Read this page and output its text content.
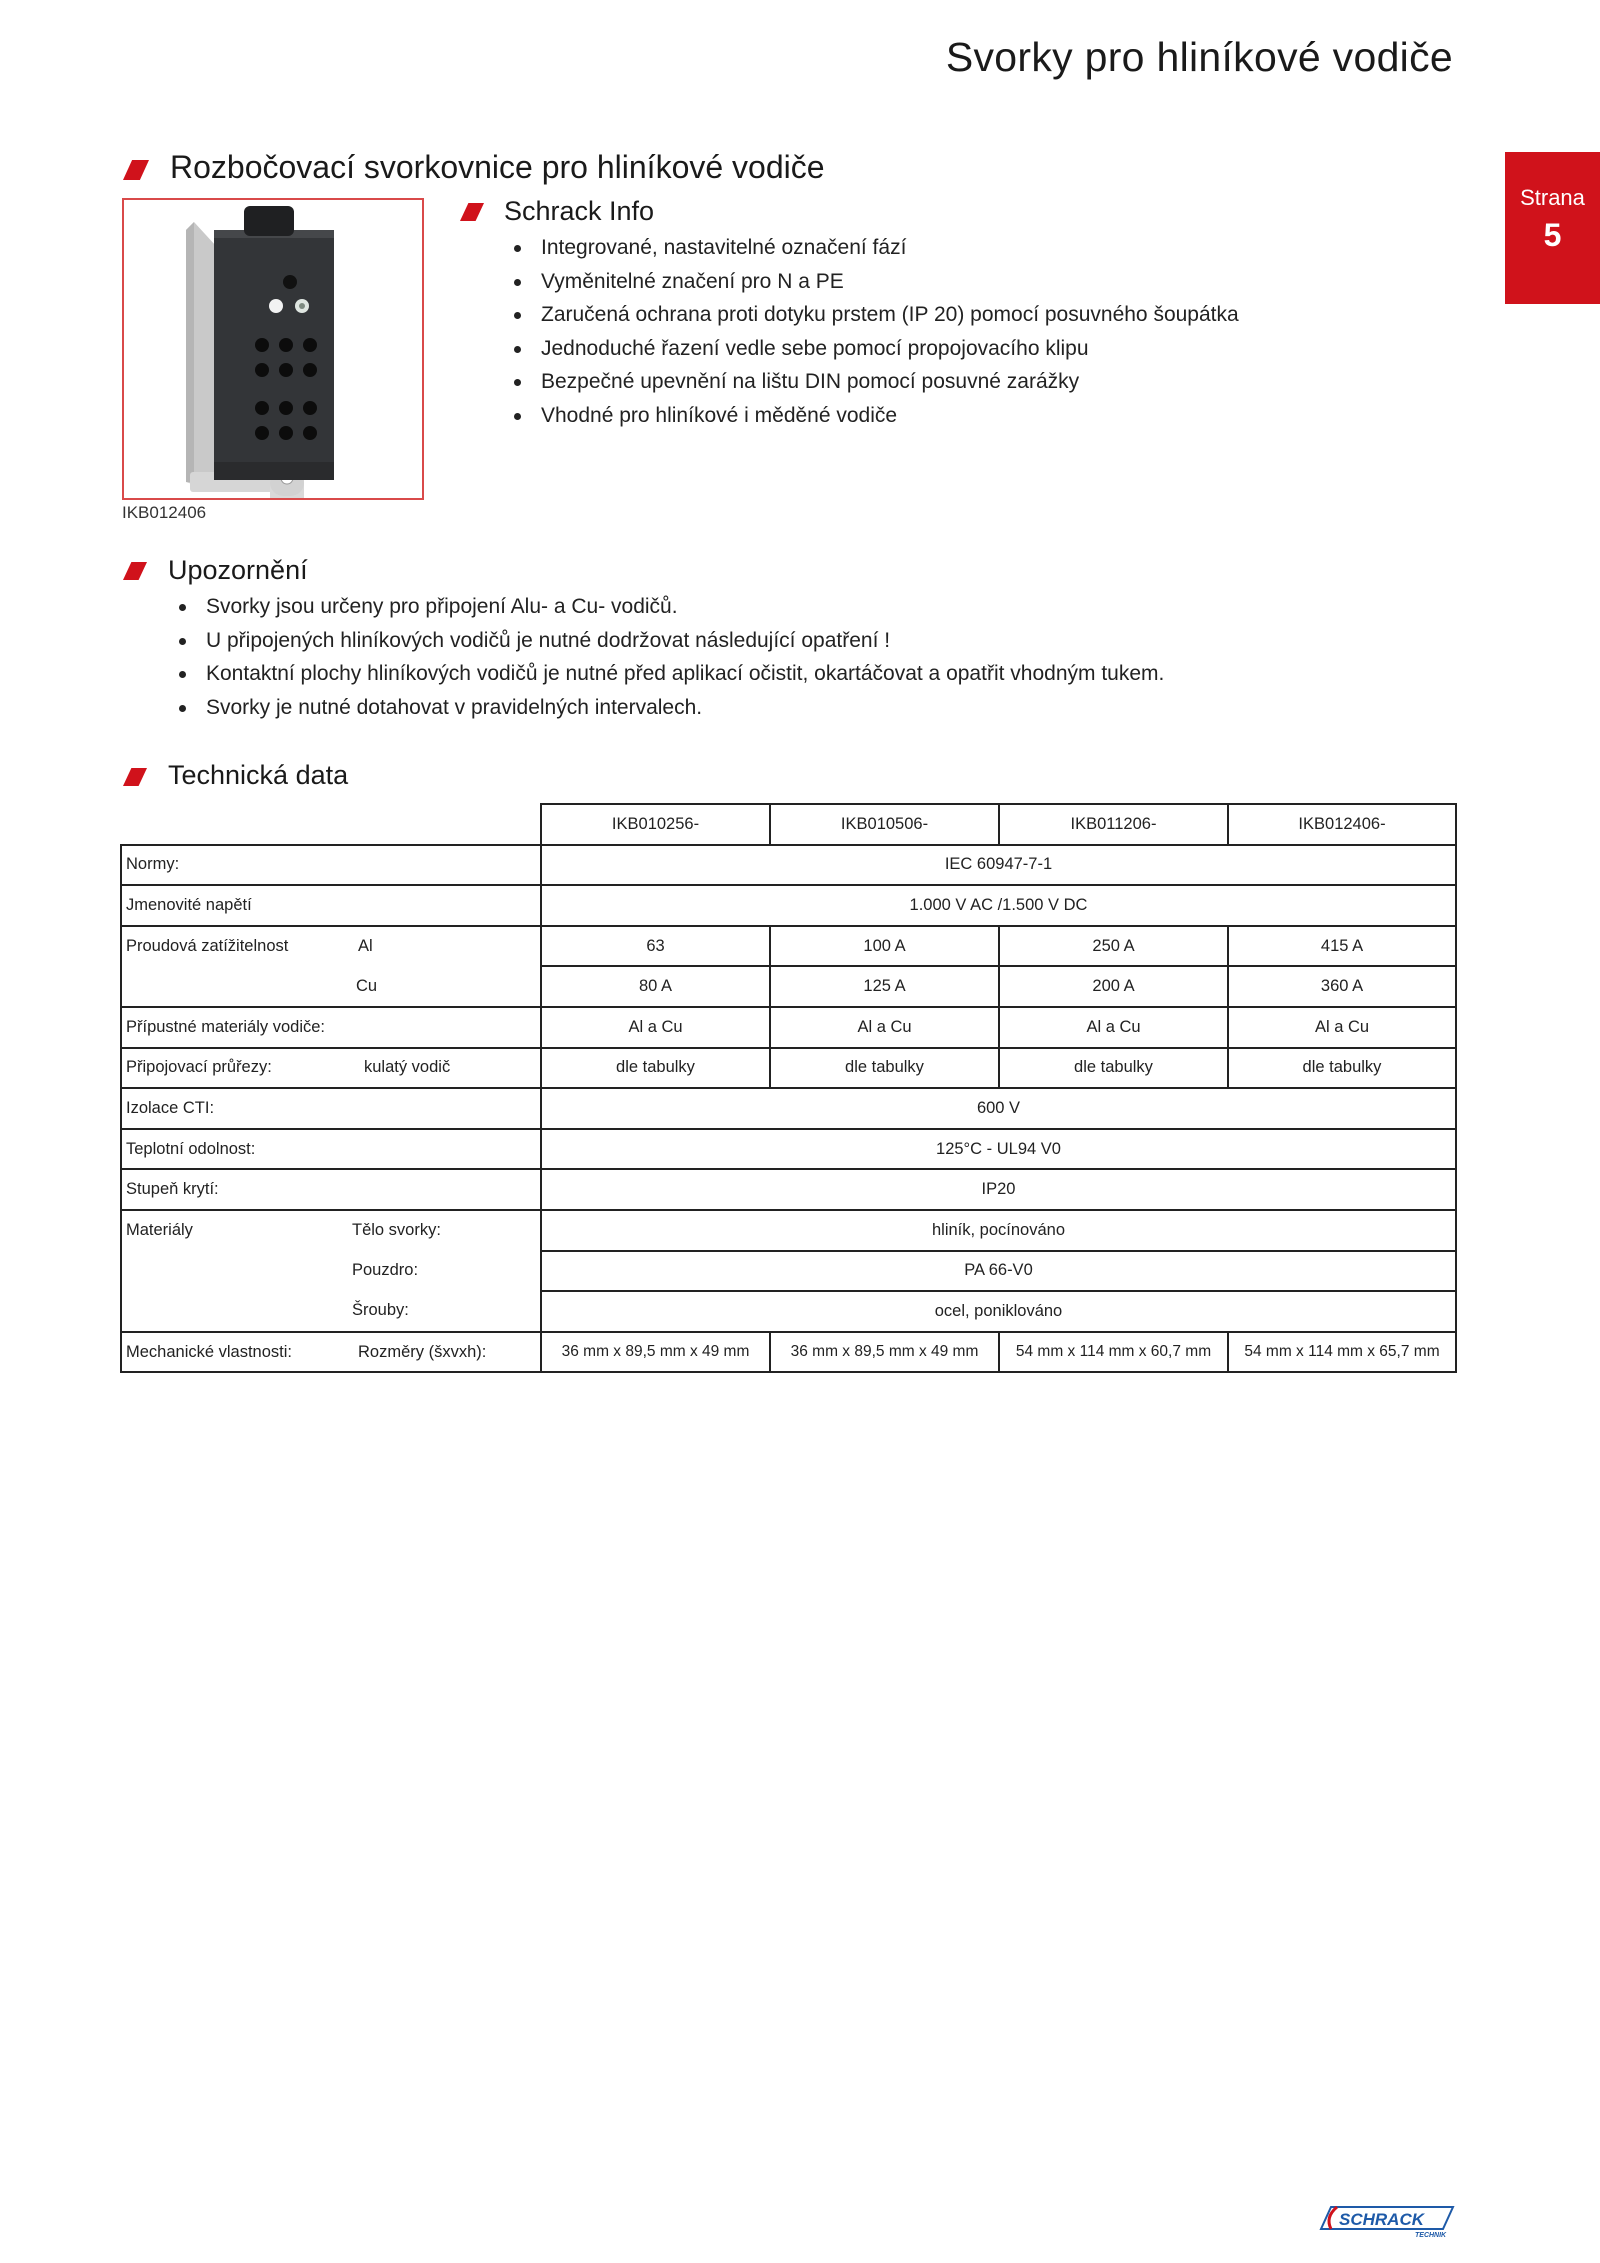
Svorky pro hliníkové vodiče
Strana
5
Rozbočovací svorkovnice pro hliníkové vodiče
IKB012406
Schrack Info
Integrované, nastavitelné označení fází
Vyměnitelné značení pro N a PE
Zaručená ochrana proti dotyku prstem (IP 20) pomocí posuvného šoupátka
Jednoduché řazení vedle sebe pomocí propojovacího klipu
Bezpečné upevnění na lištu DIN pomocí posuvné zarážky
Vhodné pro hliníkové i měděné vodiče
Upozornění
Svorky jsou určeny pro připojení Alu- a Cu- vodičů.
U připojených hliníkových vodičů je nutné dodržovat následující opatření !
Kontaktní plochy hliníkových vodičů je nutné před aplikací očistit, okartáčovat a opatřit vhodným tukem.
Svorky je nutné dotahovat v pravidelných intervalech.
Technická data
		IKB010256-	IKB010506-	IKB011206-	IKB012406-
Normy:		IEC 60947-7-1			
Jmenovité napětí		1.000 V AC /1.500 V DC			
Proudová zatížitelnost	Al	63	100 A	250 A	415 A
	Cu	80 A	125 A	200 A	360 A
Přípustné materiály vodiče:		Al a Cu	Al a Cu	Al a Cu	Al a Cu
Připojovací průřezy:	kulatý vodič	dle tabulky	dle tabulky	dle tabulky	dle tabulky
Izolace CTI:		600 V			
Teplotní odolnost:		125°C - UL94 V0			
Stupeň krytí:		IP20			
Materiály	Tělo svorky:	hliník, pocínováno			
	Pouzdro:	PA 66-V0			
	Šrouby:	ocel, poniklováno			
Mechanické vlastnosti:	Rozměry (šxvxh):	36 mm x 89,5 mm x 49 mm	36 mm x 89,5 mm x 49 mm	54 mm x 114 mm x 60,7 mm	54 mm x 114 mm x 65,7 mm
SCHRACK
TECHNIK
